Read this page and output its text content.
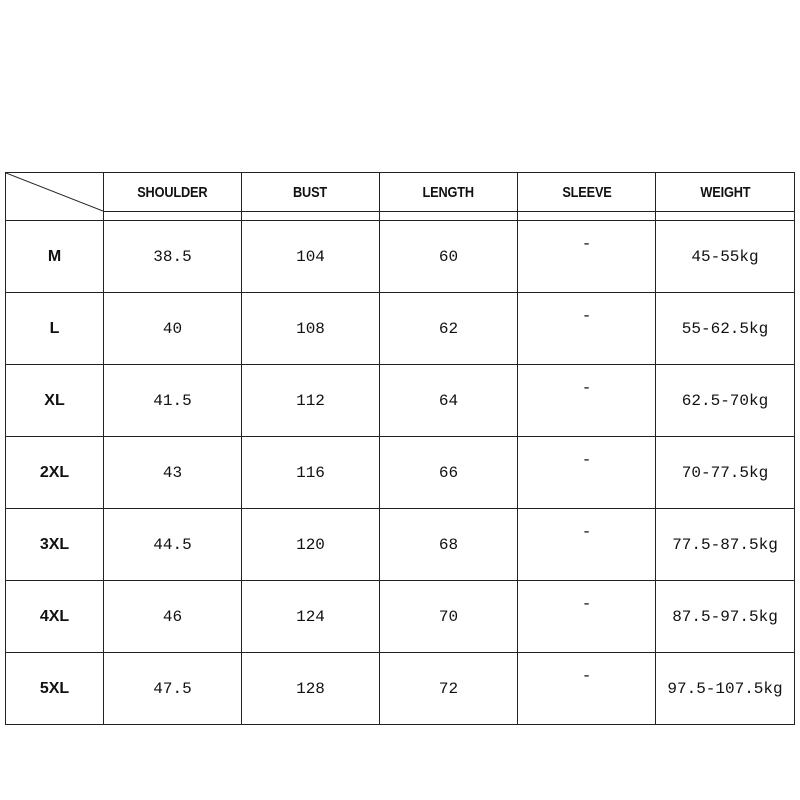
	SHOULDER	BUST	LENGTH	SLEEVE	WEIGHT

M	38.5	104	60	-	45-55kg
L	40	108	62	-	55-62.5kg
XL	41.5	112	64	-	62.5-70kg
2XL	43	116	66	-	70-77.5kg
3XL	44.5	120	68	-	77.5-87.5kg
4XL	46	124	70	-	87.5-97.5kg
5XL	47.5	128	72	-	97.5-107.5kg
